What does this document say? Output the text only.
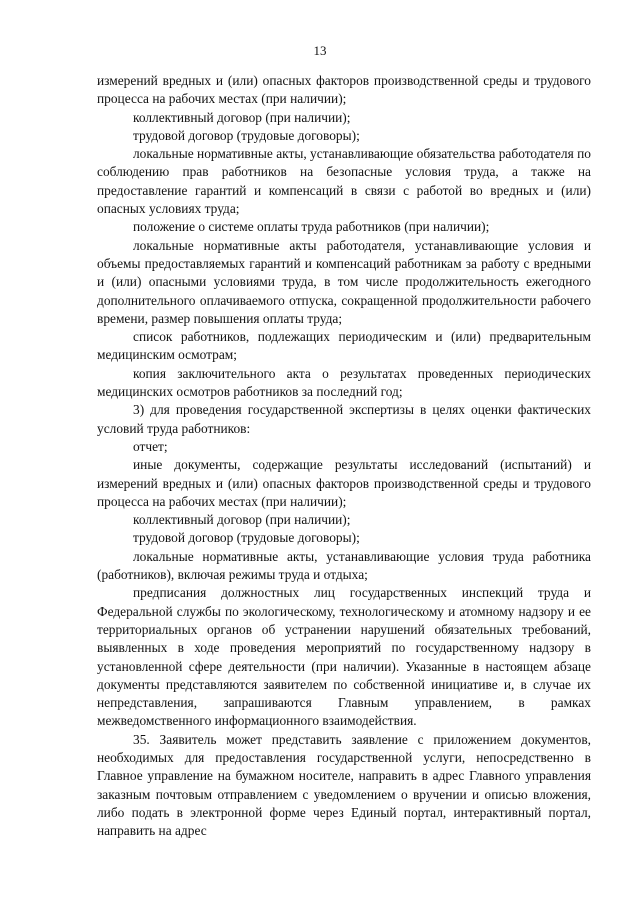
13

измерений вредных и (или) опасных факторов производственной среды и трудового процесса на рабочих местах (при наличии);

коллективный договор (при наличии);

трудовой договор (трудовые договоры);

локальные нормативные акты, устанавливающие обязательства работодателя по соблюдению прав работников на безопасные условия труда, а также на предоставление гарантий и компенсаций в связи с работой во вредных и (или) опасных условиях труда;

положение о системе оплаты труда работников (при наличии);

локальные нормативные акты работодателя, устанавливающие условия и объемы предоставляемых гарантий и компенсаций работникам за работу с вредными и (или) опасными условиями труда, в том числе продолжительность ежегодного дополнительного оплачиваемого отпуска, сокращенной продолжительности рабочего времени, размер повышения оплаты труда;

список работников, подлежащих периодическим и (или) предварительным медицинским осмотрам;

копия заключительного акта о результатах проведенных периодических медицинских осмотров работников за последний год;

3) для проведения государственной экспертизы в целях оценки фактических условий труда работников:

отчет;

иные документы, содержащие результаты исследований (испытаний) и измерений вредных и (или) опасных факторов производственной среды и трудового процесса на рабочих местах (при наличии);

коллективный договор (при наличии);

трудовой договор (трудовые договоры);

локальные нормативные акты, устанавливающие условия труда работника (работников), включая режимы труда и отдыха;

предписания должностных лиц государственных инспекций труда и Федеральной службы по экологическому, технологическому и атомному надзору и ее территориальных органов об устранении нарушений обязательных требований, выявленных в ходе проведения мероприятий по государственному надзору в установленной сфере деятельности (при наличии). Указанные в настоящем абзаце документы представляются заявителем по собственной инициативе и, в случае их непредставления, запрашиваются Главным управлением, в рамках межведомственного информационного взаимодействия.

35. Заявитель может представить заявление с приложением документов, необходимых для предоставления государственной услуги, непосредственно в Главное управление на бумажном носителе, направить в адрес Главного управления заказным почтовым отправлением с уведомлением о вручении и описью вложения, либо подать в электронной форме через Единый портал, интерактивный портал, направить на адрес
